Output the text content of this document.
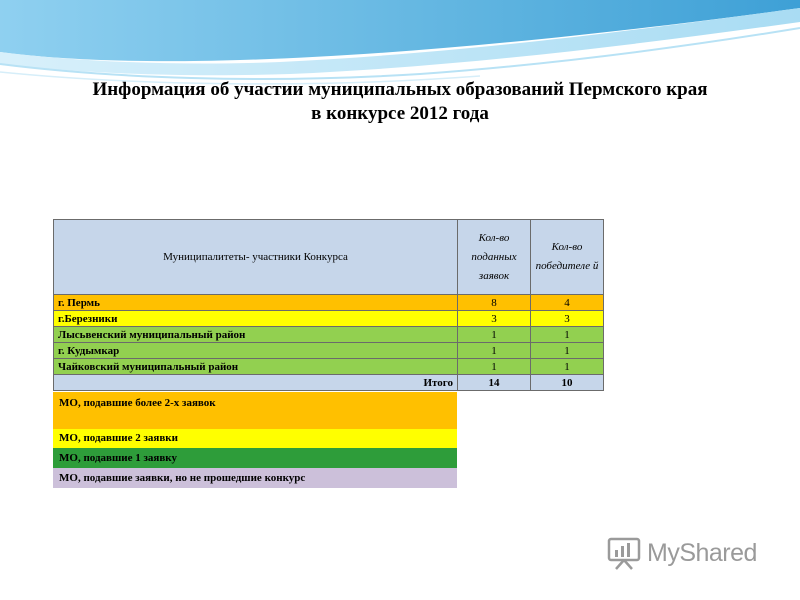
Информация об участии муниципальных образований Пермского края
в конкурсе 2012 года
Муниципалитеты- участники Конкурса	Кол-во поданных заявок	Кол-во победителе й
г. Пермь	8	4
г.Березники	3	3
Лысьвенский муниципальный район	1	1
г. Кудымкар	1	1
Чайковский муниципальный район	1	1
Итого	14	10
МО, подавшие более 2-х заявок
МО, подавшие 2 заявки
МО, подавшие 1 заявку
МО, подавшие заявки, но не прошедшие конкурс
MyShared
